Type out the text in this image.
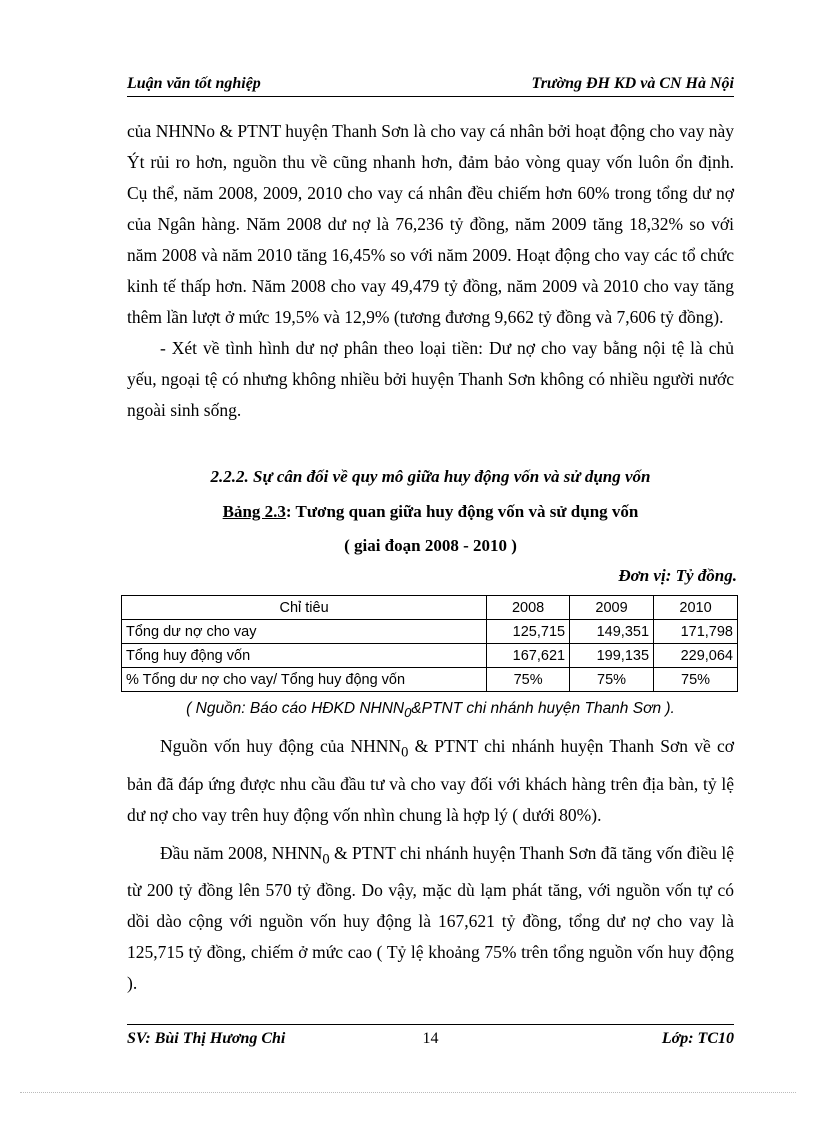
Luận văn tốt nghiệp	Trường ĐH KD và CN Hà Nội

của NHNNo & PTNT huyện Thanh Sơn là cho vay cá nhân bởi hoạt động cho vay này Ýt rủi ro hơn, nguồn thu về cũng nhanh hơn, đảm bảo vòng quay vốn luôn ổn định. Cụ thể, năm 2008, 2009, 2010 cho vay cá nhân đều chiếm hơn 60% trong tổng dư nợ của Ngân hàng. Năm 2008 dư nợ là 76,236 tỷ đồng, năm 2009 tăng 18,32% so với năm 2008 và năm 2010 tăng 16,45% so với năm 2009. Hoạt động cho vay các tổ chức kinh tế thấp hơn. Năm 2008 cho vay 49,479 tỷ đồng, năm 2009 và 2010 cho vay tăng thêm lần lượt ở mức 19,5% và 12,9% (tương đương 9,662 tỷ đồng và 7,606 tỷ đồng).

- Xét về tình hình dư nợ phân theo loại tiền: Dư nợ cho vay bằng nội tệ là chủ yếu, ngoại tệ có nhưng không nhiều bởi huyện Thanh Sơn không có nhiều người nước ngoài sinh sống.

2.2.2. Sự cân đối về quy mô giữa huy động vốn và sử dụng vốn
Bảng 2.3: Tương quan giữa huy động vốn và sử dụng vốn
( giai đoạn 2008 - 2010 )
Đơn vị: Tỷ đồng.
Chỉ tiêu	2008	2009	2010
Tổng dư nợ cho vay	125,715	149,351	171,798
Tổng huy động vốn	167,621	199,135	229,064
% Tổng dư nợ cho vay/ Tổng huy động vốn	75%	75%	75%
( Nguồn: Báo cáo HĐKD $NHNN_0\&PTNT$ chi nhánh huyện Thanh Sơn ).

Nguồn vốn huy động của $NHNN_0$ & PTNT chi nhánh huyện Thanh Sơn về cơ bản đã đáp ứng được nhu cầu đầu tư và cho vay đối với khách hàng trên địa bàn, tỷ lệ dư nợ cho vay trên huy động vốn nhìn chung là hợp lý ( dưới 80%).

Đầu năm 2008, $NHNN_0$ & PTNT chi nhánh huyện Thanh Sơn đã tăng vốn điều lệ từ 200 tỷ đồng lên 570 tỷ đồng. Do vậy, mặc dù lạm phát tăng, với nguồn vốn tự có dồi dào cộng với nguồn vốn huy động là 167,621 tỷ đồng, tổng dư nợ cho vay là 125,715 tỷ đồng, chiếm ở mức cao ( Tỷ lệ khoảng 75% trên tổng nguồn vốn huy động ).

SV: Bùi Thị Hương Chi	14	Lớp: TC10
